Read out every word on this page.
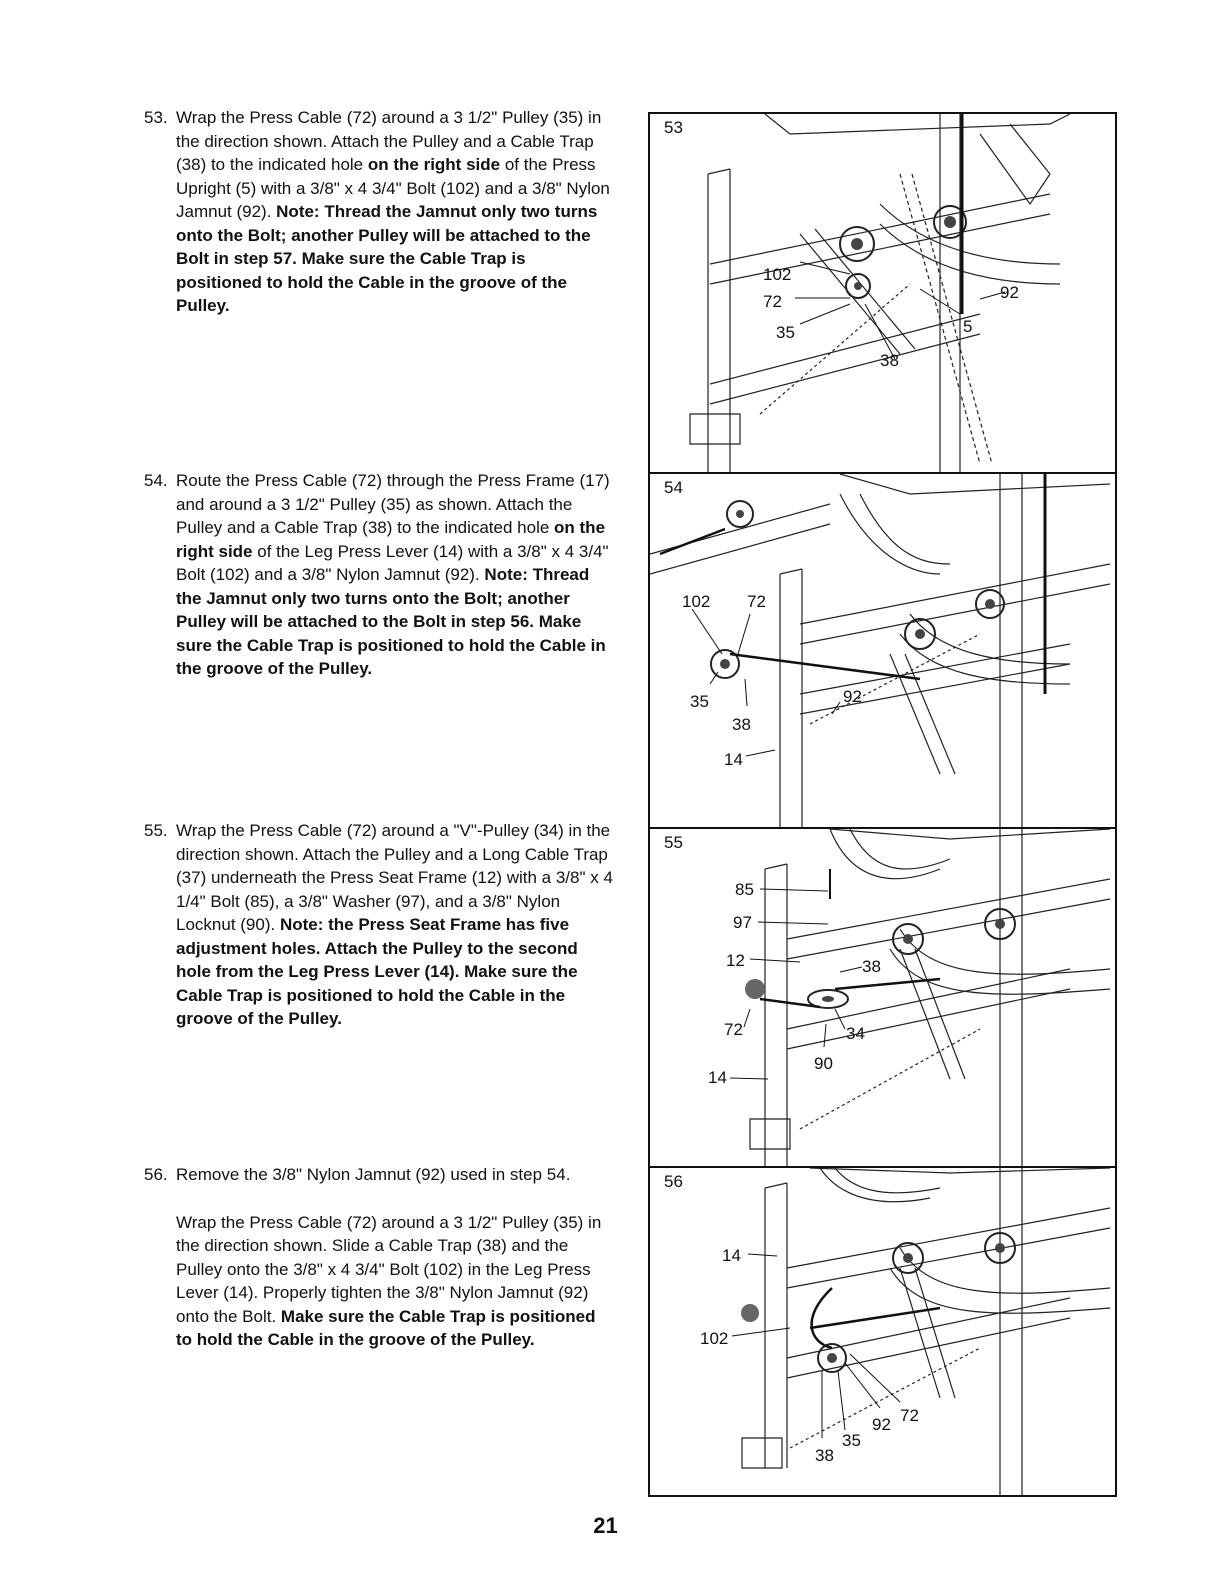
53. Wrap the Press Cable (72) around a 3 1/2" Pulley (35) in the direction shown. Attach the Pulley and a Cable Trap (38) to the indicated hole on the right side of the Press Upright (5) with a 3/8" x 4 3/4" Bolt (102) and a 3/8" Nylon Jamnut (92). Note: Thread the Jamnut only two turns onto the Bolt; another Pulley will be attached to the Bolt in step 57. Make sure the Cable Trap is positioned to hold the Cable in the groove of the Pulley.

54. Route the Press Cable (72) through the Press Frame (17) and around a 3 1/2" Pulley (35) as shown. Attach the Pulley and a Cable Trap (38) to the indicated hole on the right side of the Leg Press Lever (14) with a 3/8" x 4 3/4" Bolt (102) and a 3/8" Nylon Jamnut (92). Note: Thread the Jamnut only two turns onto the Bolt; another Pulley will be attached to the Bolt in step 56. Make sure the Cable Trap is positioned to hold the Cable in the groove of the Pulley.

55. Wrap the Press Cable (72) around a "V"-Pulley (34) in the direction shown. Attach the Pulley and a Long Cable Trap (37) underneath the Press Seat Frame (12) with a 3/8" x 4 1/4" Bolt (85), a 3/8" Washer (97), and a 3/8" Nylon Locknut (90). Note: the Press Seat Frame has five adjustment holes. Attach the Pulley to the second hole from the Leg Press Lever (14). Make sure the Cable Trap is positioned to hold the Cable in the groove of the Pulley.

56. Remove the 3/8" Nylon Jamnut (92) used in step 54.

Wrap the Press Cable (72) around a 3 1/2" Pulley (35) in the direction shown. Slide a Cable Trap (38) and the Pulley onto the 3/8" x 4 3/4" Bolt (102) in the Leg Press Lever (14). Properly tighten the 3/8" Nylon Jamnut (92) onto the Bolt. Make sure the Cable Trap is positioned to hold the Cable in the groove of the Pulley.

102
72
35
38
92
5
53
102 72
35
38
92
14
54
85
97
12	38
72	34
90
14
55
14
102
92 72
35
38
56
21
